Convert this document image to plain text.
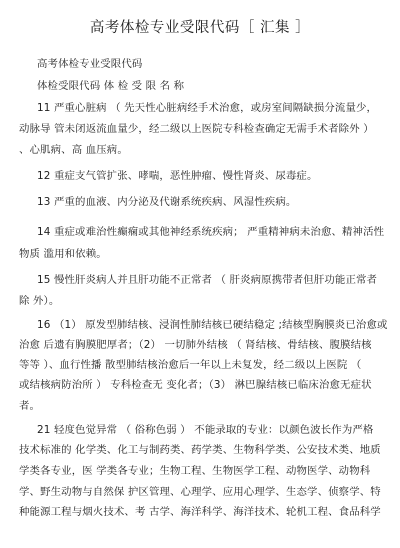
高考体检专业受限代码［ 汇集 ］
高考体检专业受限代码
体检受限代码 体 检 受 限 名 称
11 严重心脏病 （ 先天性心脏病经手术治愈，或房室间隔缺损分流量少，
动脉导 管未闭返流血量少，经二级以上医院专科检查确定无需手术者除外 ）
、心肌病、高 血压病。
12 重症支气管扩张、哮喘，恶性肿瘤、慢性肾炎、尿毒症。
13 严重的血液、内分泌及代谢系统疾病、风湿性疾病。
14 重症或难治性癫痫或其他神经系统疾病； 严重精神病未治愈、精神活性
物质 滥用和依赖。
15 慢性肝炎病人并且肝功能不正常者 （ 肝炎病原携带者但肝功能正常者
除 外）。
16 （1） 原发型肺结核、浸润性肺结核已硬结稳定 ;结核型胸膜炎已治愈或
治愈 后遗有胸膜肥厚者；（2） 一切肺外结核 （ 肾结核、骨结核、腹膜结核
等等 ）、血行性播 散型肺结核治愈后一年以上未复发，经二级以上医院 （
或结核病防治所 ） 专科检查无 变化者；（3） 淋巴腺结核已临床治愈无症状
者。
21 轻度色觉异常 （ 俗称色弱 ） 不能录取的专业：以颜色波长作为严格
技术标准的 化学类、化工与制药类、药学类、生物科学类、公安技术类、地质
学类各专业，医 学类各专业；生物工程、生物医学工程、动物医学、动物科
学、野生动物与自然保 护区管理、心理学、应用心理学、生态学、侦察学、特
种能源工程与烟火技术、考 古学、海洋科学、海洋技术、轮机工程、食品科学
